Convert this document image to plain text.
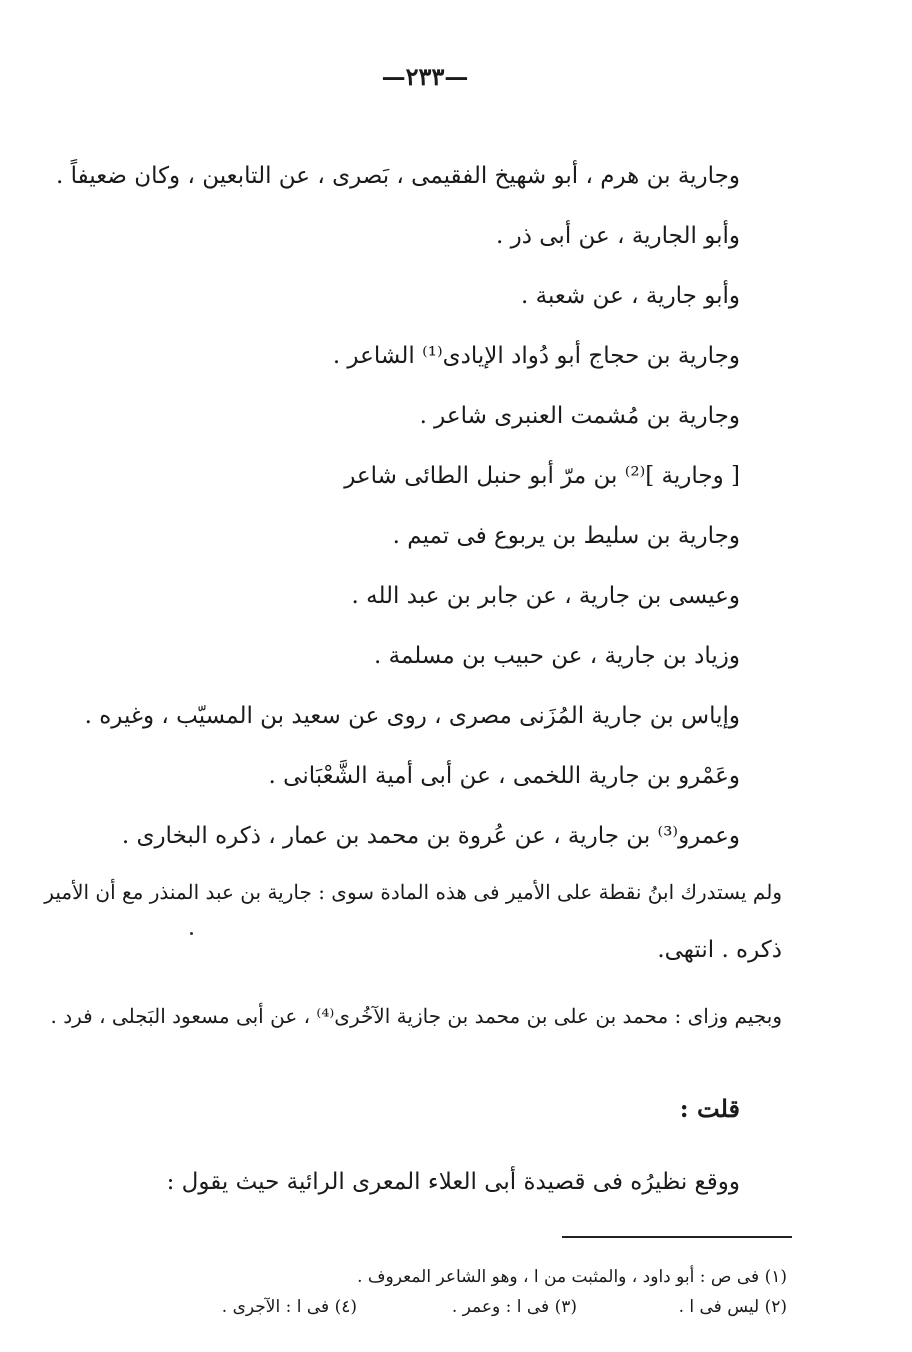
—٢٣٣—
وجارية بن هرم ، أبو شهيخ الفقيمى ، بَصرى ، عن التابعين ، وكان ضعيفاً .
وأبو الجارية ، عن أبى ذر .
وأبو جارية ، عن شعبة .
وجارية بن حجاج أبو دُواد الإيادى⁽¹⁾ الشاعر .
وجارية بن مُشمت العنبرى شاعر .
[ وجارية ]⁽²⁾ بن مرّ أبو حنبل الطائى شاعر
وجارية بن سليط بن يربوع فى تميم .
وعيسى بن جارية ، عن جابر بن عبد الله .
وزياد بن جارية ، عن حبيب بن مسلمة .
وإياس بن جارية المُزَنى مصرى ، روى عن سعيد بن المسيّب ، وغيره .
وعَمْرو بن جارية اللخمى ، عن أبى أمية الشَّعْبَانى .
وعمرو⁽³⁾ بن جارية ، عن عُروة بن محمد بن عمار ، ذكره البخارى .
ولم يستدرك ابنُ نقطة على الأمير فى هذه المادة سوى : جارية بن عبد المنذر مع أن الأمير
ذكره . انتهى.
وبجيم وزاى : محمد بن على بن محمد بن جازية الآخُرى⁽⁴⁾ ، عن أبى مسعود البَجلى ، فرد .
قلت :
ووقع نظيرُه فى قصيدة أبى العلاء المعرى الرائية حيث يقول :
(١) فى ص : أبو داود ، والمثبت من ا ، وهو الشاعر المعروف .
(٢) ليس فى ا .
(٣) فى ا : وعمر .
(٤) فى ا : الآجرى .
